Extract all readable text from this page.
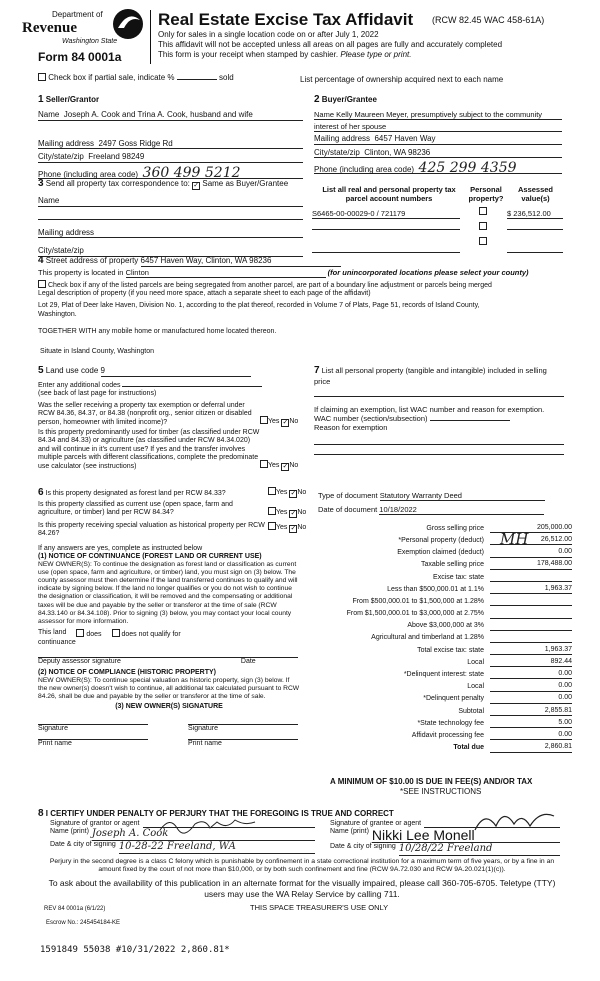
Department of
Revenue
Washington State
Form 84 0001a
Real Estate Excise Tax Affidavit (RCW 82.45 WAC 458-61A)
Only for sales in a single location code on or after July 1, 2022
This affidavit will not be accepted unless all areas on all pages are fully and accurately completed
This form is your receipt when stamped by cashier. Please type or print.
Check box if partial sale, indicate %	sold	List percentage of ownership acquired next to each name
1 Seller/Grantor
Name Joseph A. Cook and Trina A. Cook, husband and wife
Mailing address 2497 Goss Ridge Rd
City/state/zip Freeland 98249
Phone (including area code) 360 499 5212
2 Buyer/Grantee
Name Kelly Maureen Meyer, presumptively subject to the community
interest of her spouse
Mailing address 6457 Haven Way
City/state/zip Clinton, WA 98236
Phone (including area code) 425 299 4359
3 Send all property tax correspondence to: ✓ Same as Buyer/Grantee
Name
Mailing address
City/state/zip
List all real and personal property tax parcel account numbers
Personal property?
Assessed value(s)
S6465-00-00029-0 / 721179	$ 236,512.00
4 Street address of property 6457 Haven Way, Clinton, WA 98236
This property is located in Clinton	(for unincorporated locations please select your county)
Check box if any of the listed parcels are being segregated from another parcel, are part of a boundary line adjustment or parcels being merged
Legal description of property (if you need more space, attach a separate sheet to each page of the affidavit)
Lot 29, Plat of Deer lake Haven, Division No. 1, according to the plat thereof, recorded in Volume 7 of Plats, Page 51, records of Island County,
Washington.
TOGETHER WITH any mobile home or manufactured home located thereon.
Situate in Island County, Washington
5 Land use code 9
Enter any additional codes
(see back of last page for instructions)
Was the seller receiving a property tax exemption or deferral under RCW 84.36, 84.37, or 84.38 (nonprofit org., senior citizen or disabled person, homeowner with limited income)?	Yes ✓No
Is this property predominantly used for timber (as classified under RCW 84.34 and 84.33) or agriculture (as classified under RCW 84.34.020) and will continue in it's current use? If yes and the transfer involves multiple parcels with different classifications, complete the predominate use calculator (see instructions)	Yes ✓No
7 List all personal property (tangible and intangible) included in selling price
If claiming an exemption, list WAC number and reason for exemption.
WAC number (section/subsection)
Reason for exemption
6 Is this property designated as forest land per RCW 84.33?	Yes ✓No
Is this property classified as current use (open space, farm and agriculture, or timber) land per RCW 84.34?	Yes ✓No
Is this property receiving special valuation as historical property per RCW 84.26?
Yes ✓No
If any answers are yes, complete as instructed below
(1) NOTICE OF CONTINUANCE (FOREST LAND OR CURRENT USE)
NEW OWNER(S): To continue the designation as forest land or classification as current use (open space, farm and agriculture, or timber) land, you must sign on (3) below. The county assessor must then determine if the land transferred continues to qualify and will indicate by signing below. If the land no longer qualifies or you do not wish to continue the designation or classification, it will be removed and the compensating or additional taxes will be due and payable by the seller or transferor at the time of sale (RCW 84.33.140 or 84.34.108). Prior to signing (3) below, you may contact your local county assessor for more information.
This land	does	does not qualify for
continuance
Deputy assessor signature	Date
(2) NOTICE OF COMPLIANCE (HISTORIC PROPERTY)
NEW OWNER(S): To continue special valuation as historic property, sign (3) below. If the new owner(s) doesn't wish to continue, all additional tax calculated pursuant to RCW 84.26, shall be due and payable by the seller or transferor at the time of sale.
(3) NEW OWNER(S) SIGNATURE
Signature	Signature
Print name	Print name
Type of document Statutory Warranty Deed
Date of document 10/18/2022
Gross selling price	205,000.00
*Personal property (deduct)	26,512.00
Exemption claimed (deduct)	0.00
Taxable selling price	178,488.00
Excise tax: state
Less than $500,000.01 at 1.1%	1,963.37
From $500,000.01 to $1,500,000 at 1.28%
From $1,500,000.01 to $3,000,000 at 2.75%
Above $3,000,000 at 3%
Agricultural and timberland at 1.28%
Total excise tax: state	1,963.37
Local	892.44
*Delinquent interest: state	0.00
Local	0.00
*Delinquent penalty	0.00
Subtotal	2,855.81
*State technology fee	5.00
Affidavit processing fee	0.00
Total due	2,860.81
MH
A MINIMUM OF $10.00 IS DUE IN FEE(S) AND/OR TAX
*SEE INSTRUCTIONS
8 I CERTIFY UNDER PENALTY OF PERJURY THAT THE FOREGOING IS TRUE AND CORRECT
Signature of grantor or agent
Name (print) Joseph A. Cook
Date & city of signing 10-28-22 Freeland, WA
Signature of grantee or agent
Name (print) Nikki Lee Monell
Date & city of signing 10/28/22 Freeland
Perjury in the second degree is a class C felony which is punishable by confinement in a state correctional institution for a maximum term of five years, or by a fine in an amount fixed by the court of not more than $10,000, or by both such confinement and fine (RCW 9A.72.030 and RCW 9A.20.021(1)(c)).
To ask about the availability of this publication in an alternate format for the visually impaired, please call 360-705-6705. Teletype (TTY) users may use the WA Relay Service by calling 711.
REV 84 0001a (6/1/22)	THIS SPACE TREASURER'S USE ONLY
Escrow No.: 245454184-KE
1591849 55038 #10/31/2022 2,860.81*
